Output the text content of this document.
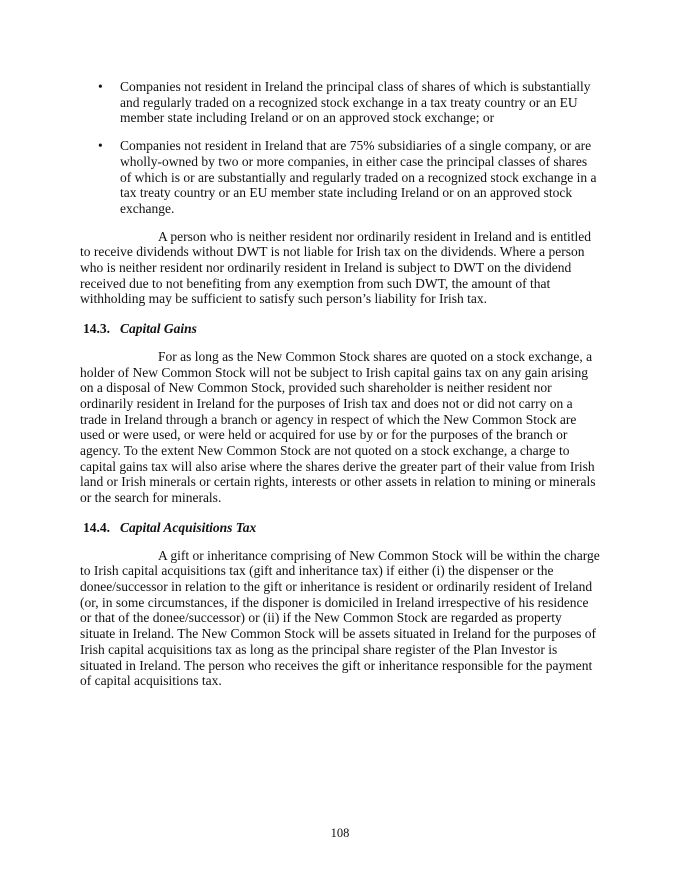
• Companies not resident in Ireland the principal class of shares of which is substantially and regularly traded on a recognized stock exchange in a tax treaty country or an EU member state including Ireland or on an approved stock exchange; or

• Companies not resident in Ireland that are 75% subsidiaries of a single company, or are wholly-owned by two or more companies, in either case the principal classes of shares of which is or are substantially and regularly traded on a recognized stock exchange in a tax treaty country or an EU member state including Ireland or on an approved stock exchange.

A person who is neither resident nor ordinarily resident in Ireland and is entitled to receive dividends without DWT is not liable for Irish tax on the dividends. Where a person who is neither resident nor ordinarily resident in Ireland is subject to DWT on the dividend received due to not benefiting from any exemption from such DWT, the amount of that withholding may be sufficient to satisfy such person’s liability for Irish tax.

14.3. Capital Gains

For as long as the New Common Stock shares are quoted on a stock exchange, a holder of New Common Stock will not be subject to Irish capital gains tax on any gain arising on a disposal of New Common Stock, provided such shareholder is neither resident nor ordinarily resident in Ireland for the purposes of Irish tax and does not or did not carry on a trade in Ireland through a branch or agency in respect of which the New Common Stock are used or were used, or were held or acquired for use by or for the purposes of the branch or agency. To the extent New Common Stock are not quoted on a stock exchange, a charge to capital gains tax will also arise where the shares derive the greater part of their value from Irish land or Irish minerals or certain rights, interests or other assets in relation to mining or minerals or the search for minerals.

14.4. Capital Acquisitions Tax

A gift or inheritance comprising of New Common Stock will be within the charge to Irish capital acquisitions tax (gift and inheritance tax) if either (i) the dispenser or the donee/successor in relation to the gift or inheritance is resident or ordinarily resident of Ireland (or, in some circumstances, if the disponer is domiciled in Ireland irrespective of his residence or that of the donee/successor) or (ii) if the New Common Stock are regarded as property situate in Ireland. The New Common Stock will be assets situated in Ireland for the purposes of Irish capital acquisitions tax as long as the principal share register of the Plan Investor is situated in Ireland. The person who receives the gift or inheritance responsible for the payment of capital acquisitions tax.

108
